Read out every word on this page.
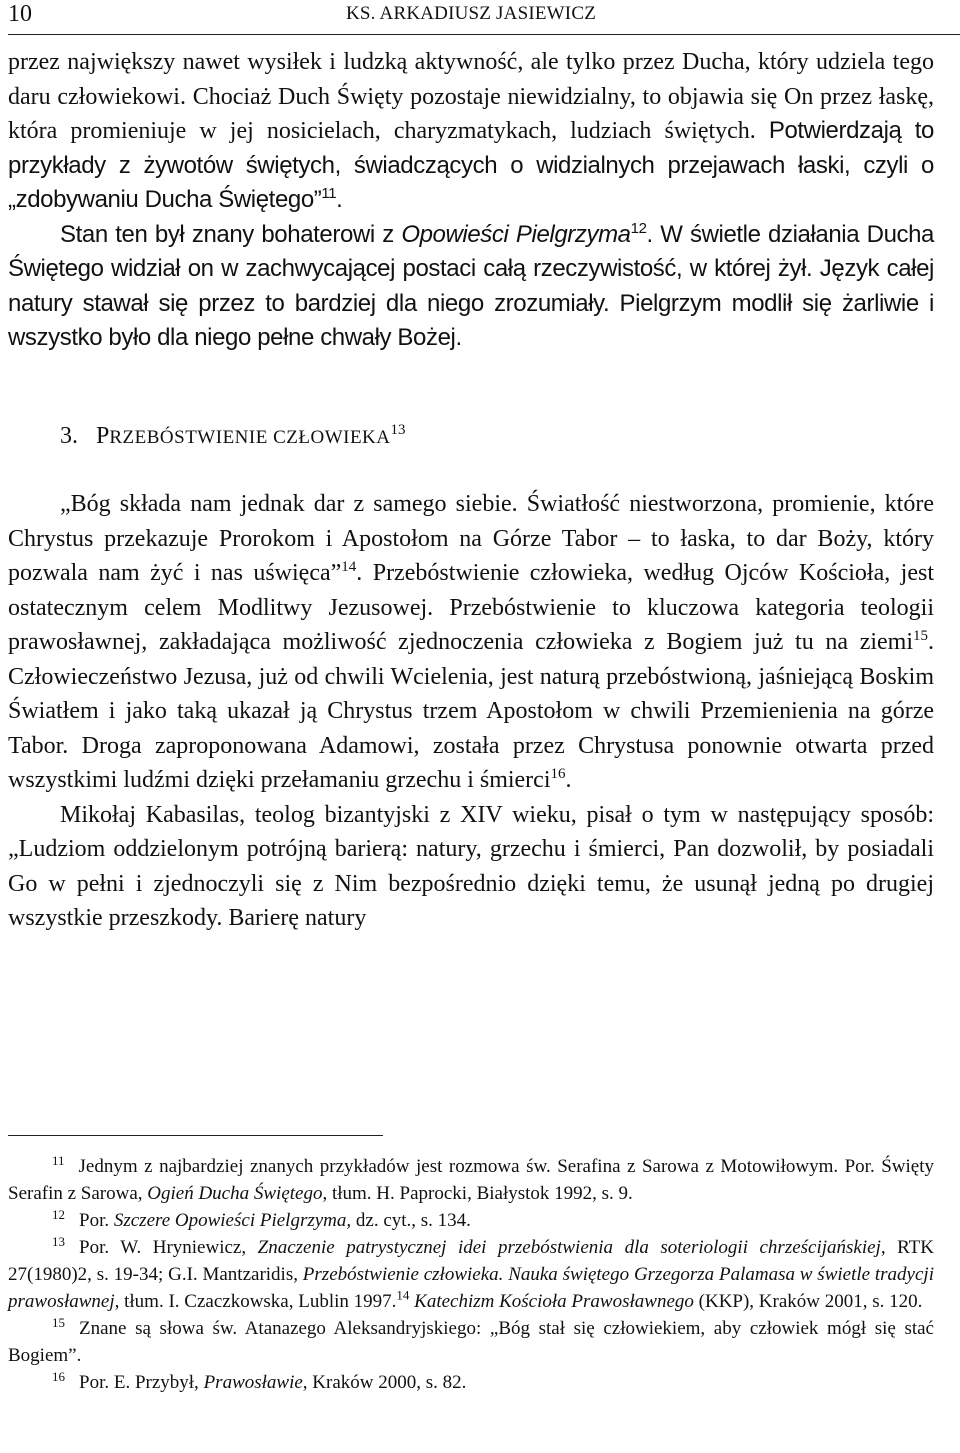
10	KS. ARKADIUSZ JASIEWICZ

przez największy nawet wysiłek i ludzką aktywność, ale tylko przez Ducha, który udziela tego daru człowiekowi. Chociaż Duch Święty pozostaje niewidzialny, to objawia się On przez łaskę, która promieniuje w jej nosicielach, charyzmatykach, ludziach świętych. Potwierdzają to przykłady z żywotów świętych, świadczących o widzialnych przejawach łaski, czyli o „zdobywaniu Ducha Świętego”$^{11}$.

Stan ten był znany bohaterowi z Opowieści Pielgrzyma$^{12}$. W świetle działania Ducha Świętego widział on w zachwycającej postaci całą rzeczywistość, w której żył. Język całej natury stawał się przez to bardziej dla niego zrozumiały. Pielgrzym modlił się żarliwie i wszystko było dla niego pełne chwały Bożej.

3. PRZEBÓSTWIENIE CZŁOWIEKA$^{13}$

„Bóg składa nam jednak dar z samego siebie. Światłość niestworzona, promienie, które Chrystus przekazuje Prorokom i Apostołom na Górze Tabor – to łaska, to dar Boży, który pozwala nam żyć i nas uświęca”$^{14}$. Przebóstwienie człowieka, według Ojców Kościoła, jest ostatecznym celem Modlitwy Jezusowej. Przebóstwienie to kluczowa kategoria teologii prawosławnej, zakładająca możliwość zjednoczenia człowieka z Bogiem już tu na ziemi$^{15}$. Człowieczeństwo Jezusa, już od chwili Wcielenia, jest naturą przebóstwioną, jaśniejącą Boskim Światłem i jako taką ukazał ją Chrystus trzem Apostołom w chwili Przemienienia na górze Tabor. Droga zaproponowana Adamowi, została przez Chrystusa ponownie otwarta przed wszystkimi ludźmi dzięki przełamaniu grzechu i śmierci$^{16}$.

Mikołaj Kabasilas, teolog bizantyjski z XIV wieku, pisał o tym w następujący sposób: „Ludziom oddzielonym potrójną barierą: natury, grzechu i śmierci, Pan dozwolił, by posiadali Go w pełni i zjednoczyli się z Nim bezpośrednio dzięki temu, że usunął jedną po drugiej wszystkie przeszkody. Barierę natury

$^{11}$ Jednym z najbardziej znanych przykładów jest rozmowa św. Serafina z Sarowa z Motowiłowym. Por. Święty Serafin z Sarowa, Ogień Ducha Świętego, tłum. H. Paprocki, Białystok 1992, s. 9.

$^{12}$ Por. Szczere Opowieści Pielgrzyma, dz. cyt., s. 134.

$^{13}$ Por. W. Hryniewicz, Znaczenie patrystycznej idei przebóstwienia dla soteriologii chrześcijańskiej, RTK 27(1980)2, s. 19-34; G.I. Mantzaridis, Przebóstwienie człowieka. Nauka świętego Grzegorza Palamasa w świetle tradycji prawosławnej, tłum. I. Czaczkowska, Lublin 1997.14 Katechizm Kościoła Prawosławnego (KKP), Kraków 2001, s. 120.

$^{15}$ Znane są słowa św. Atanazego Aleksandryjskiego: „Bóg stał się człowiekiem, aby człowiek mógł się stać Bogiem”.

$^{16}$ Por. E. Przybył, Prawosławie, Kraków 2000, s. 82.
